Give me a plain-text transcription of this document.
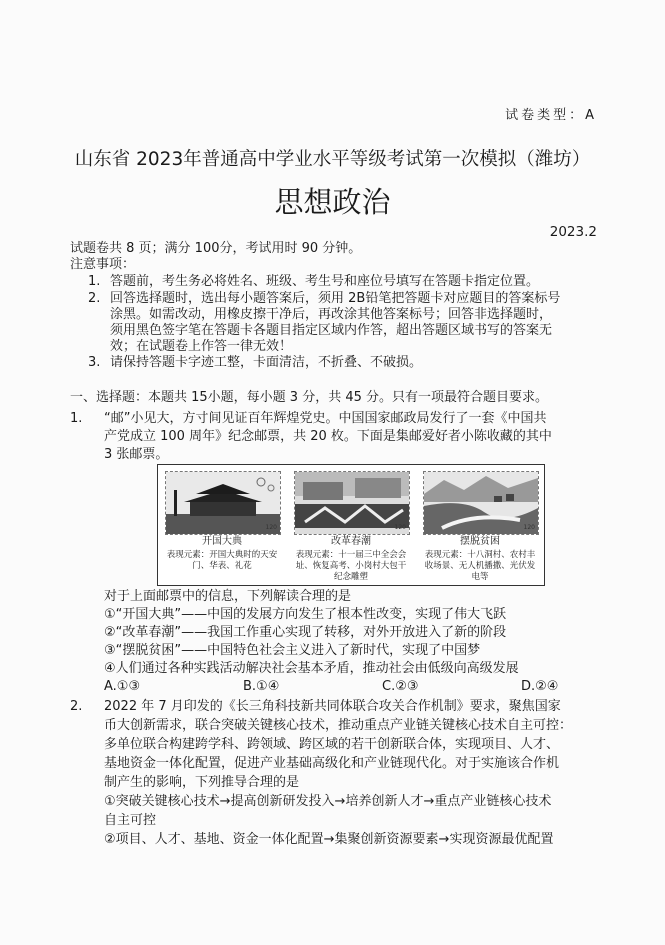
试卷类型：A
山东省 2023年普通高中学业水平等级考试第一次模拟（潍坊）
思想政治
2023.2
试题卷共 8 页；满分 100分，考试用时 90 分钟。
注意事项：
1. 答题前，考生务必将姓名、班级、考生号和座位号填写在答题卡指定位置。
2. 回答选择题时，选出每小题答案后，须用 2B铅笔把答题卡对应题目的答案标号
涂黑。如需改动，用橡皮擦干净后，再改涂其他答案标号；回答非选择题时，
须用黑色签字笔在答题卡各题目指定区域内作答，超出答题区域书写的答案无
效；在试题卷上作答一律无效！
3. 请保持答题卡字迹工整，卡面清洁，不折叠、不破损。
一、选择题：本题共 15小题，每小题 3 分，共 45 分。只有一项最符合题目要求。
1. “邮”小见大，方寸间见证百年辉煌党史。中国国家邮政局发行了一套《中国共
产党成立 100 周年》纪念邮票，共 20 枚。下面是集邮爱好者小陈收藏的其中
3 张邮票。
120
开国大典
表现元素：开国大典时的天安门、华表、礼花
120
改革春潮
表现元素：十一届三中全会会址、恢复高考、小岗村大包干纪念雕塑
120
摆脱贫困
表现元素：十八洞村、农村丰收场景、无人机播撒、光伏发电等
对于上面邮票中的信息，下列解读合理的是
①“开国大典”——中国的发展方向发生了根本性改变，实现了伟大飞跃
②“改革春潮”——我国工作重心实现了转移，对外开放进入了新的阶段
③“摆脱贫困”——中国特色社会主义进入了新时代，实现了中国梦
④人们通过各种实践活动解决社会基本矛盾，推动社会由低级向高级发展
A.①③	B.①④	C.②③	D.②④
2. 2022 年 7 月印发的《长三角科技新共同体联合攻关合作机制》要求，聚焦国家
币大创新需求，联合突破关键核心技术，推动重点产业链关键核心技术自主可控：
多单位联合构建跨学科、跨领域、跨区域的若干创新联合体，实现项目、人才、
基地资金一体化配置，促进产业基础高级化和产业链现代化。对于实施该合作机
制产生的影响，下列推导合理的是
①突破关键核心技术→提高创新研发投入→培养创新人才→重点产业链核心技术
自主可控
②项目、人才、基地、资金一体化配置→集聚创新资源要素→实现资源最优配置
